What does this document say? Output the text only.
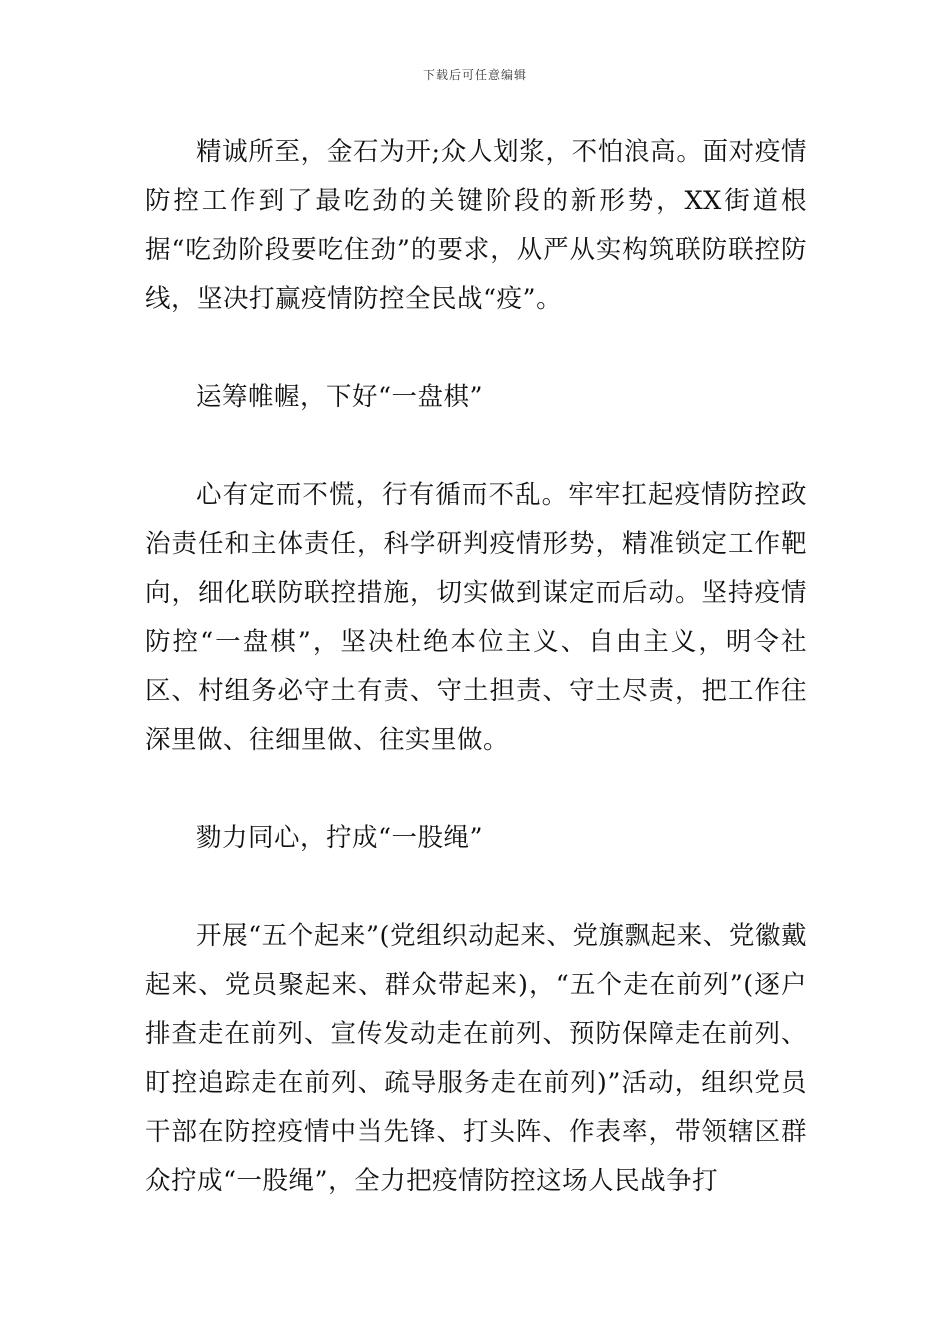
下载后可任意编辑

精诚所至，金石为开;众人划浆，不怕浪高。面对疫情防控工作到了最吃劲的关键阶段的新形势，XX街道根据“吃劲阶段要吃住劲”的要求，从严从实构筑联防联控防线，坚决打赢疫情防控全民战“疫”。

运筹帷幄，下好“一盘棋”

心有定而不慌，行有循而不乱。牢牢扛起疫情防控政治责任和主体责任，科学研判疫情形势，精准锁定工作靶向，细化联防联控措施，切实做到谋定而后动。坚持疫情防控“一盘棋”，坚决杜绝本位主义、自由主义，明令社区、村组务必守土有责、守土担责、守土尽责，把工作往深里做、往细里做、往实里做。

勠力同心，拧成“一股绳”

开展“五个起来”(党组织动起来、党旗飘起来、党徽戴起来、党员聚起来、群众带起来)，“五个走在前列”(逐户排查走在前列、宣传发动走在前列、预防保障走在前列、盯控追踪走在前列、疏导服务走在前列)”活动，组织党员干部在防控疫情中当先锋、打头阵、作表率，带领辖区群众拧成“一股绳”，全力把疫情防控这场人民战争打
